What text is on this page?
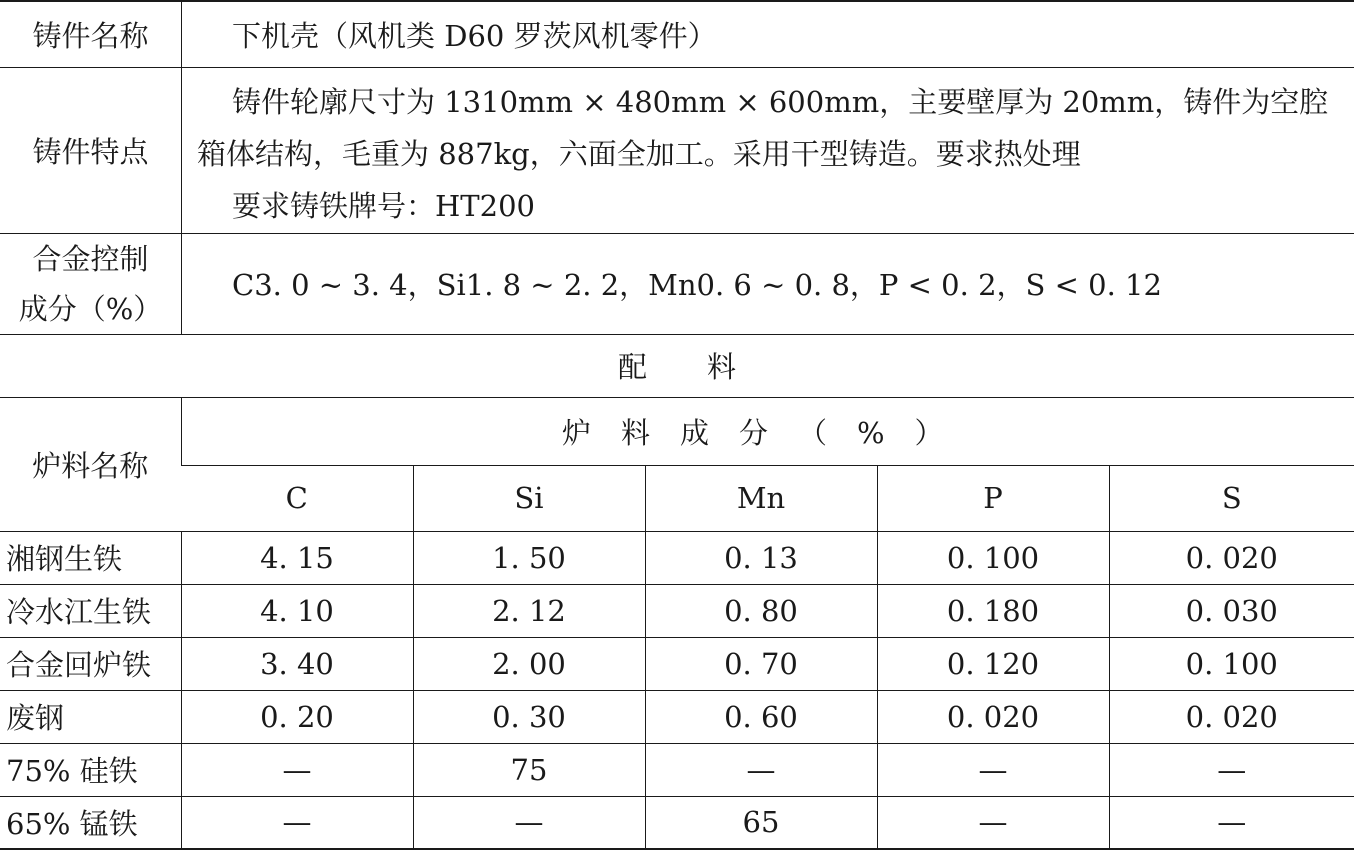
铸件名称	下机壳（风机类 D60 罗茨风机零件）
铸件特点	铸件轮廓尺寸为 1310mm × 480mm × 600mm，主要壁厚为 20mm，铸件为空腔箱体结构，毛重为 887kg，六面全加工。采用干型铸造。要求热处理

要求铸铁牌号：HT200

合金控制
成分（%）	C3. 0 ~ 3. 4，Si1. 8 ~ 2. 2，Mn0. 6 ~ 0. 8，P < 0. 2，S < 0. 12
配料
炉料名称	炉料成分（%）				
	C	Si	Mn	P	S
湘钢生铁	4. 15	1. 50	0. 13	0. 100	0. 020
冷水江生铁	4. 10	2. 12	0. 80	0. 180	0. 030
合金回炉铁	3. 40	2. 00	0. 70	0. 120	0. 100
废钢	0. 20	0. 30	0. 60	0. 020	0. 020
75% 硅铁	—	75	—	—	—
65% 锰铁	—	—	65	—	—
